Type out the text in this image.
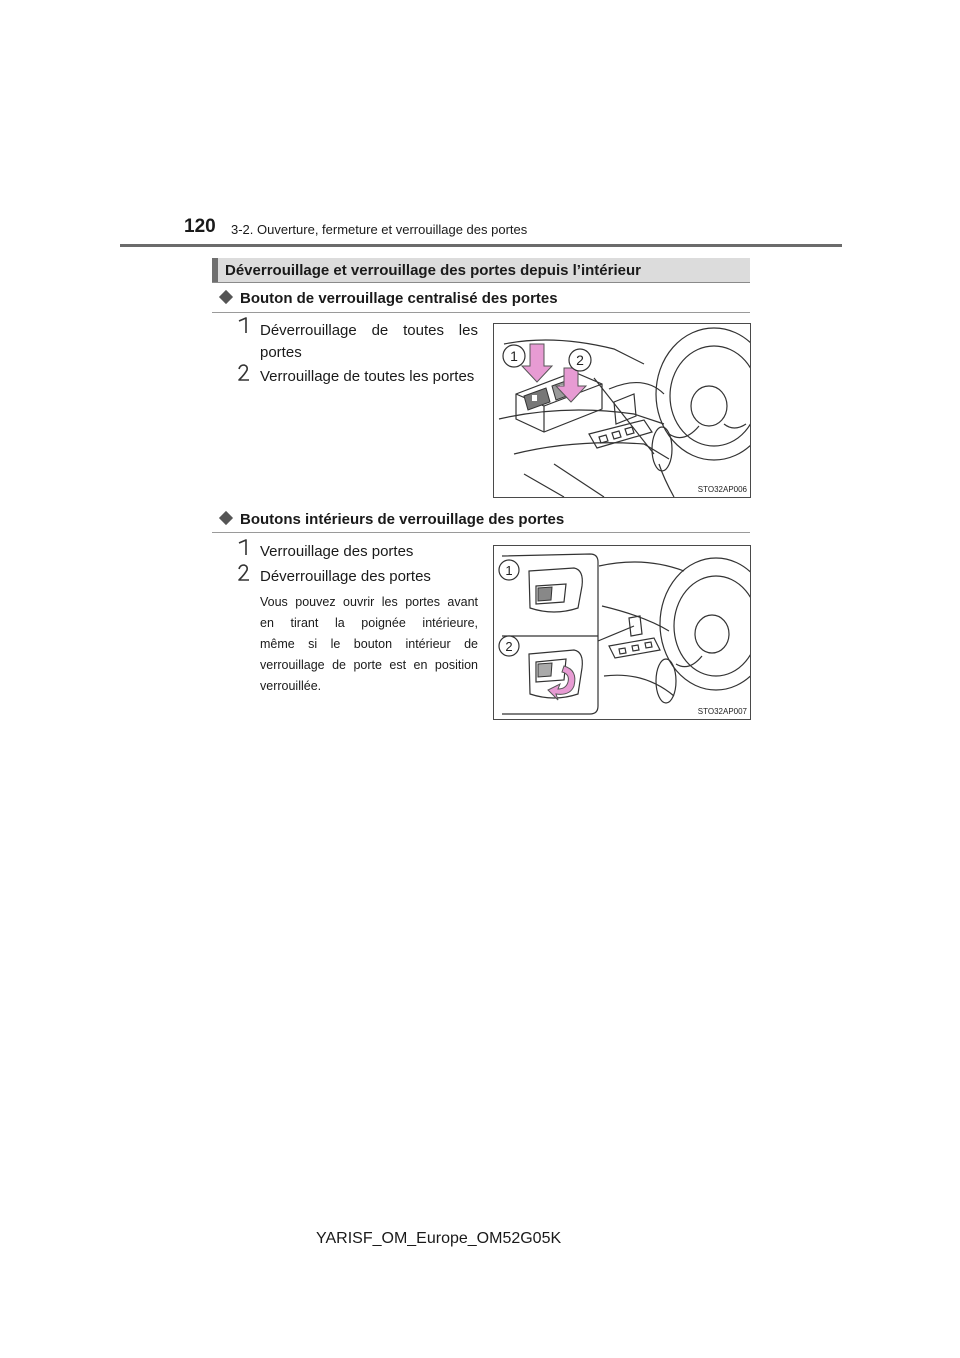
120 3-2. Ouverture, fermeture et verrouillage des portes
Déverrouillage et verrouillage des portes depuis l’intérieur
Bouton de verrouillage centralisé des portes
Déverrouillage de toutes les
portes
Verrouillage de toutes les portes
1	2
STO32AP006
Boutons intérieurs de verrouillage des portes
Verrouillage des portes
Déverrouillage des portes
Vous pouvez ouvrir les portes avant
en tirant la poignée intérieure,
même si le bouton intérieur de
verrouillage de porte est en position
verrouillée.
1
2
STO32AP007
YARISF_OM_Europe_OM52G05K
